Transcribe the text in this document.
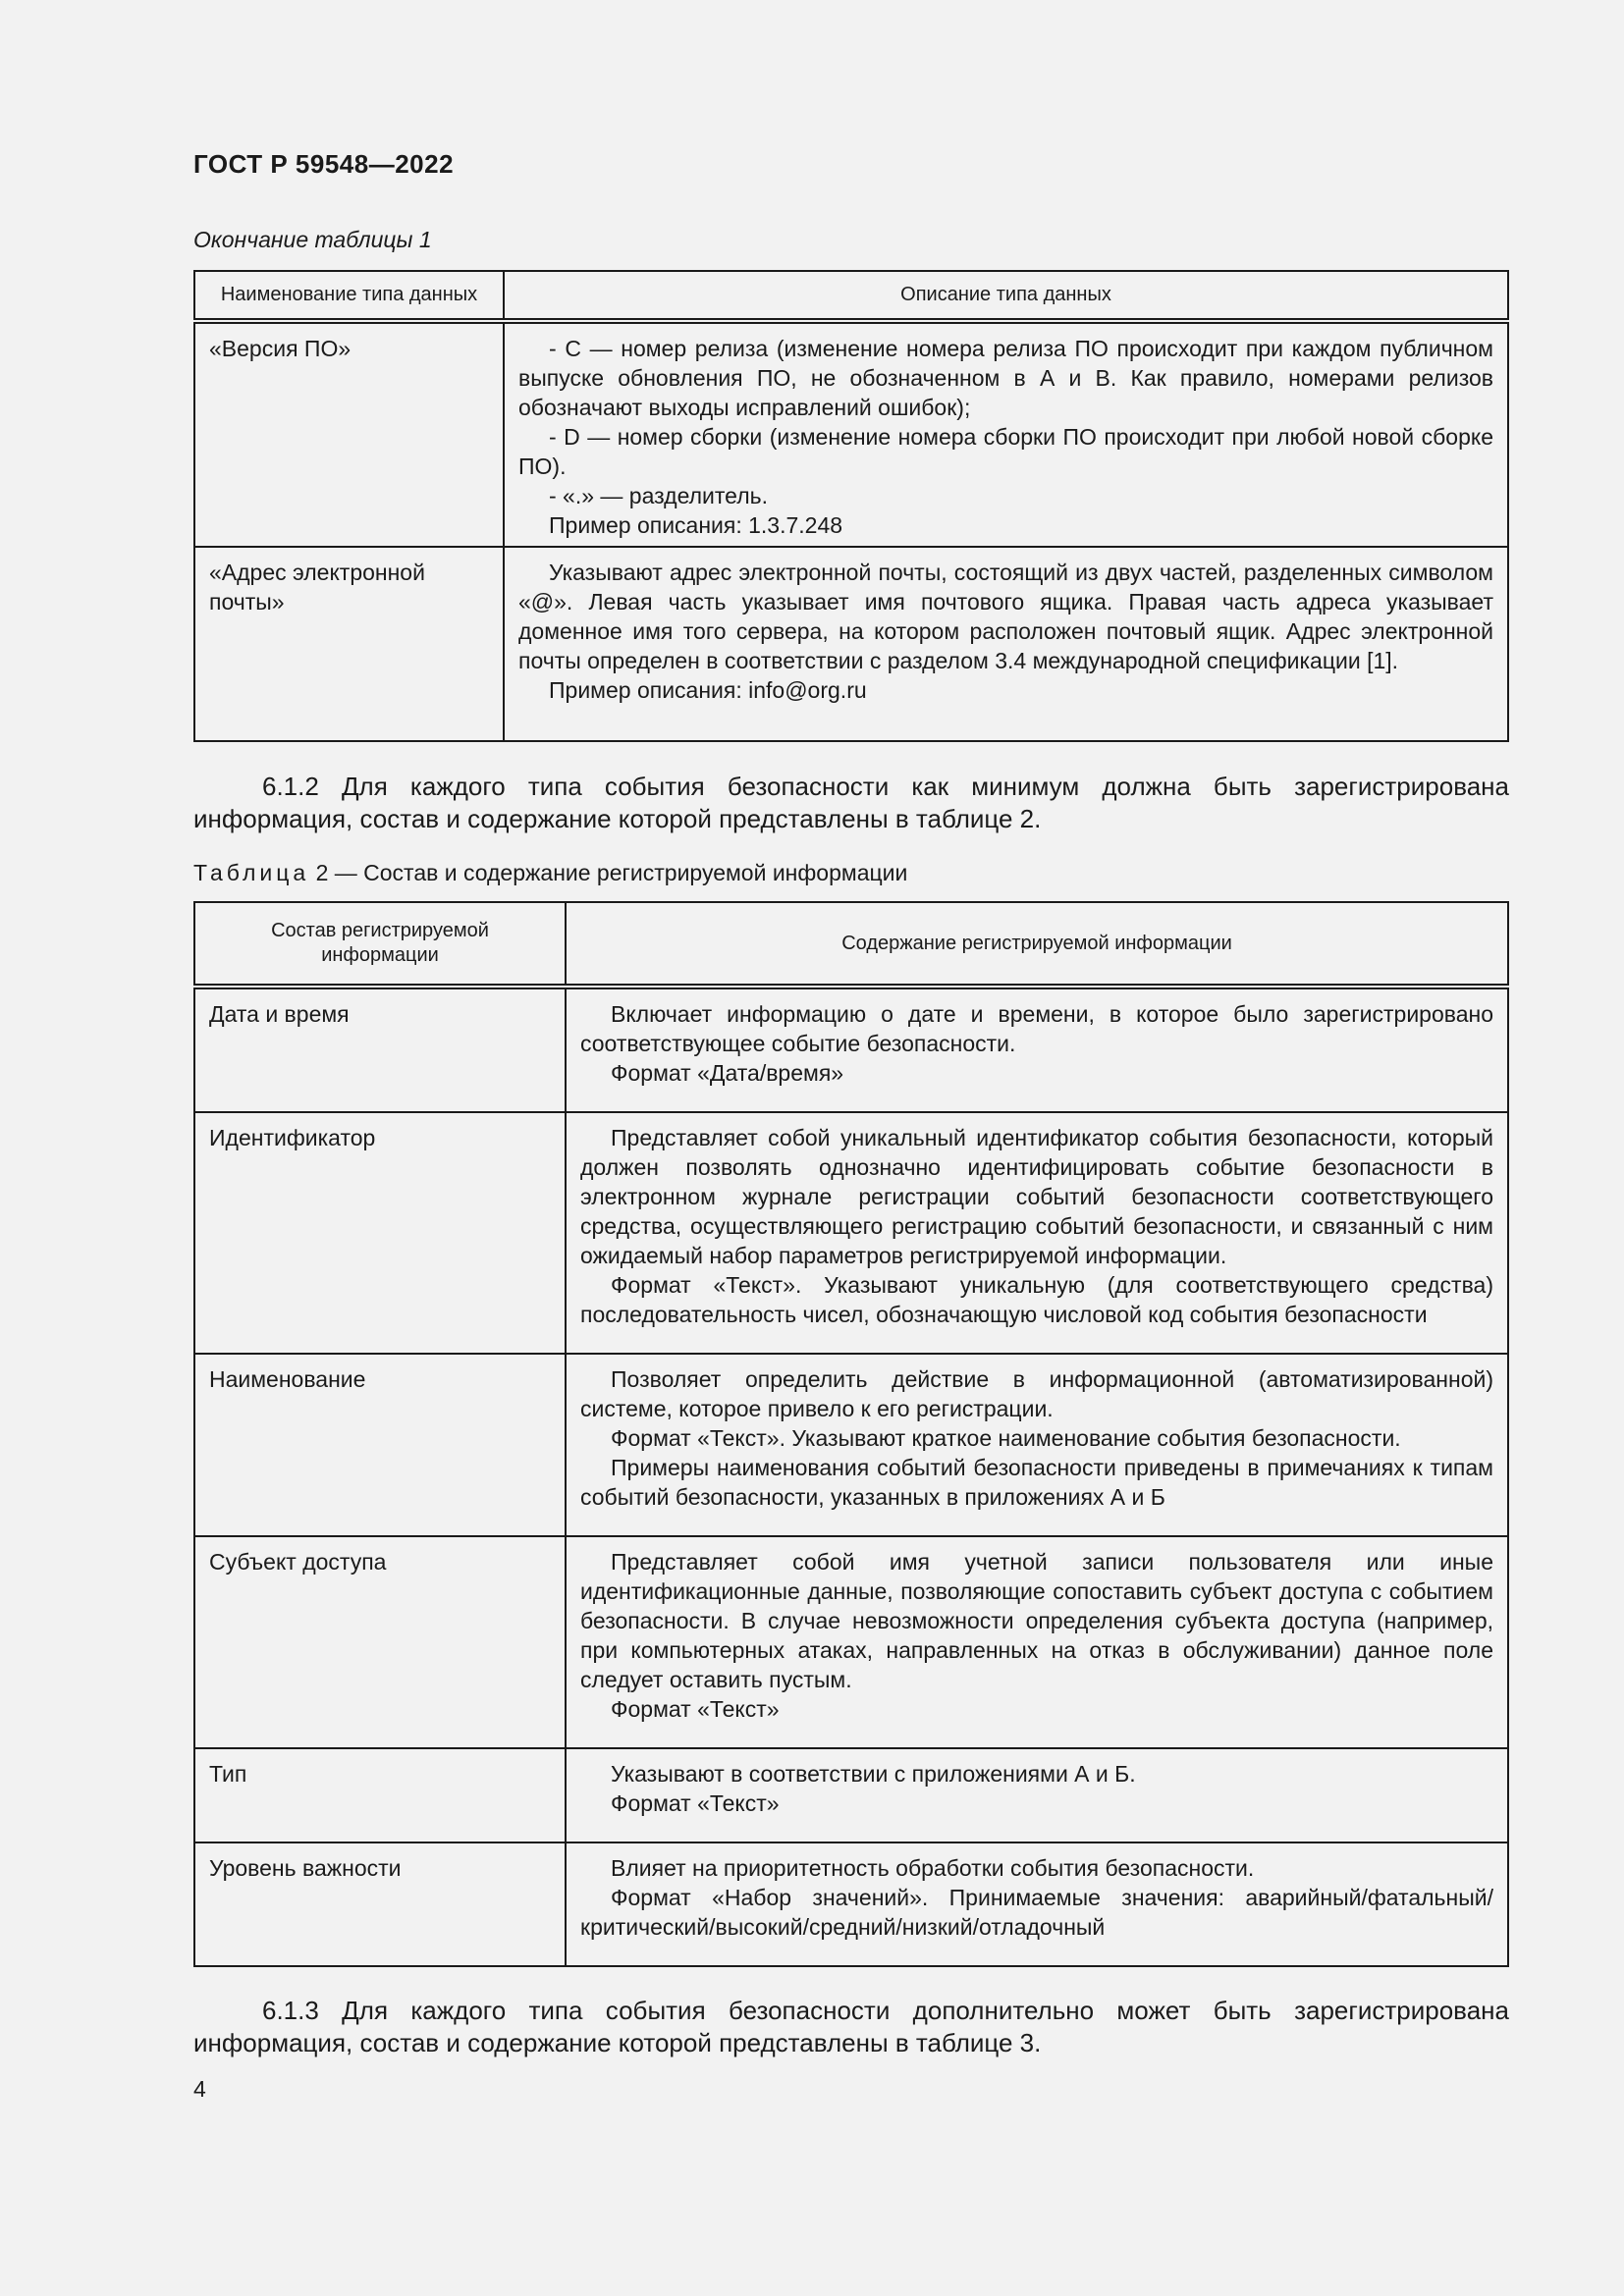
ГОСТ Р 59548—2022
Окончание таблицы 1
Наименование типа данных	Описание типа данных
«Версия ПО»	- С — номер релиза (изменение номера релиза ПО происходит при каждом публичном выпуске обновления ПО, не обозначенном в А и В. Как правило, номерами релизов обозначают выходы исправлений ошибок);

- D — номер сборки (изменение номера сборки ПО происходит при любой новой сборке ПО).

- «.» — разделитель.

Пример описания: 1.3.7.248

«Адрес электронной почты»	Указывают адрес электронной почты, состоящий из двух частей, разделенных символом «@». Левая часть указывает имя почтового ящика. Правая часть адреса указывает доменное имя того сервера, на котором расположен почтовый ящик. Адрес электронной почты определен в соответствии с разделом 3.4 международной спецификации [1].

Пример описания: info@org.ru

6.1.2 Для каждого типа события безопасности как минимум должна быть зарегистрирована информация, состав и содержание которой представлены в таблице 2.

Таблица 2 — Состав и содержание регистрируемой информации
Состав регистрируемой информации	Содержание регистрируемой информации
Дата и время	Включает информацию о дате и времени, в которое было зарегистрировано соответствующее событие безопасности.

Формат «Дата/время»

Идентификатор	Представляет собой уникальный идентификатор события безопасности, который должен позволять однозначно идентифицировать событие безопасности в электронном журнале регистрации событий безопасности соответствующего средства, осуществляющего регистрацию событий безопасности, и связанный с ним ожидаемый набор параметров регистрируемой информации.

Формат «Текст». Указывают уникальную (для соответствующего средства) последовательность чисел, обозначающую числовой код события безопасности

Наименование	Позволяет определить действие в информационной (автоматизированной) системе, которое привело к его регистрации.

Формат «Текст». Указывают краткое наименование события безопасности.

Примеры наименования событий безопасности приведены в примечаниях к типам событий безопасности, указанных в приложениях А и Б

Субъект доступа	Представляет собой имя учетной записи пользователя или иные идентификационные данные, позволяющие сопоставить субъект доступа с событием безопасности. В случае невозможности определения субъекта доступа (например, при компьютерных атаках, направленных на отказ в обслуживании) данное поле следует оставить пустым.

Формат «Текст»

Тип	Указывают в соответствии с приложениями А и Б.

Формат «Текст»

Уровень важности	Влияет на приоритетность обработки события безопасности.

Формат «Набор значений». Принимаемые значения: аварийный/фатальный/критический/высокий/средний/низкий/отладочный

6.1.3 Для каждого типа события безопасности дополнительно может быть зарегистрирована информация, состав и содержание которой представлены в таблице 3.

4
